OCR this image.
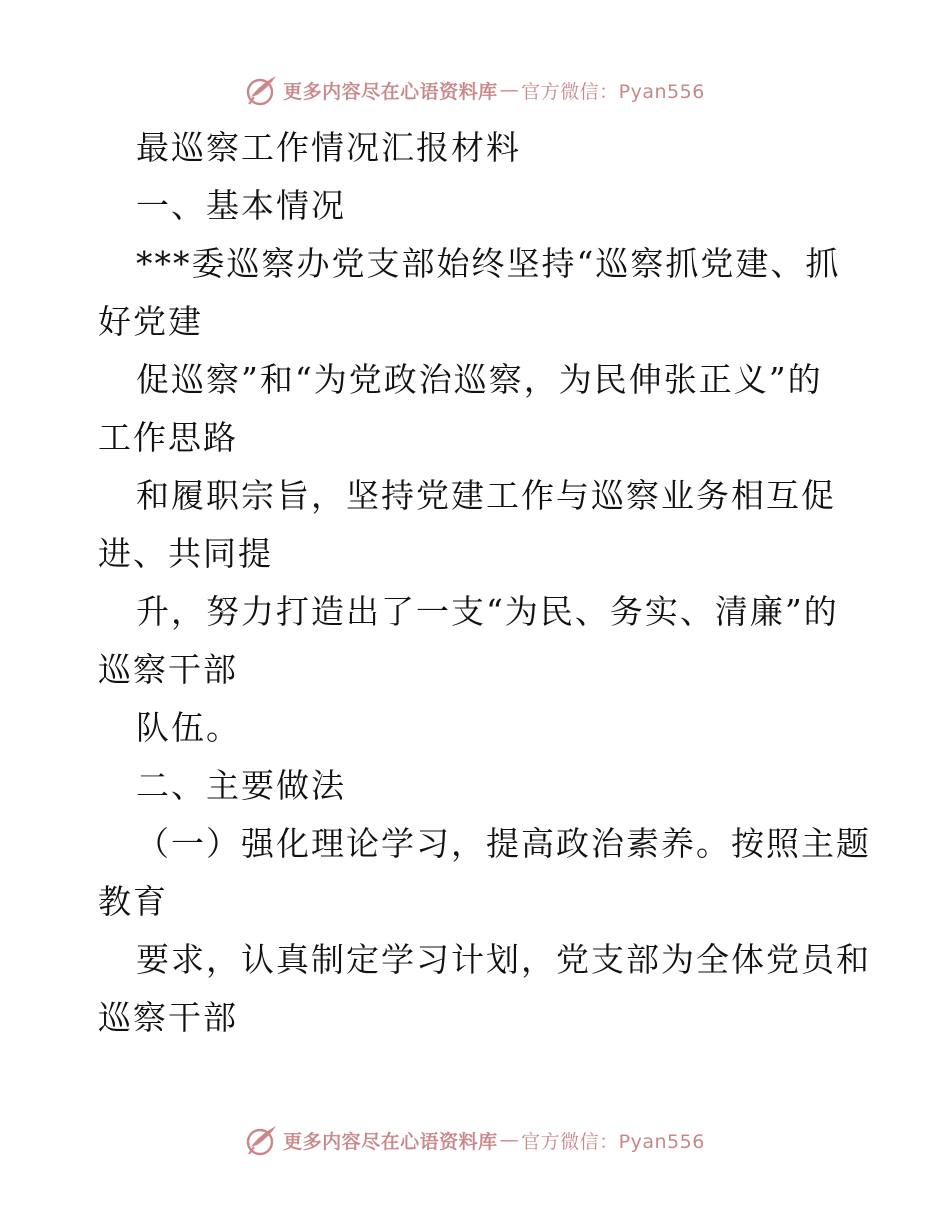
更多内容尽在心语资料库 — 官方微信：Pyan556
最巡察工作情况汇报材料
一、基本情况
***委巡察办党支部始终坚持“巡察抓党建、抓
好党建
促巡察”和“为党政治巡察，为民伸张正义”的
工作思路
和履职宗旨，坚持党建工作与巡察业务相互促
进、共同提
升，努力打造出了一支“为民、务实、清廉”的
巡察干部
队伍。
二、主要做法
（一）强化理论学习，提高政治素养。按照主题
教育
要求，认真制定学习计划，党支部为全体党员和
巡察干部
更多内容尽在心语资料库 — 官方微信：Pyan556
